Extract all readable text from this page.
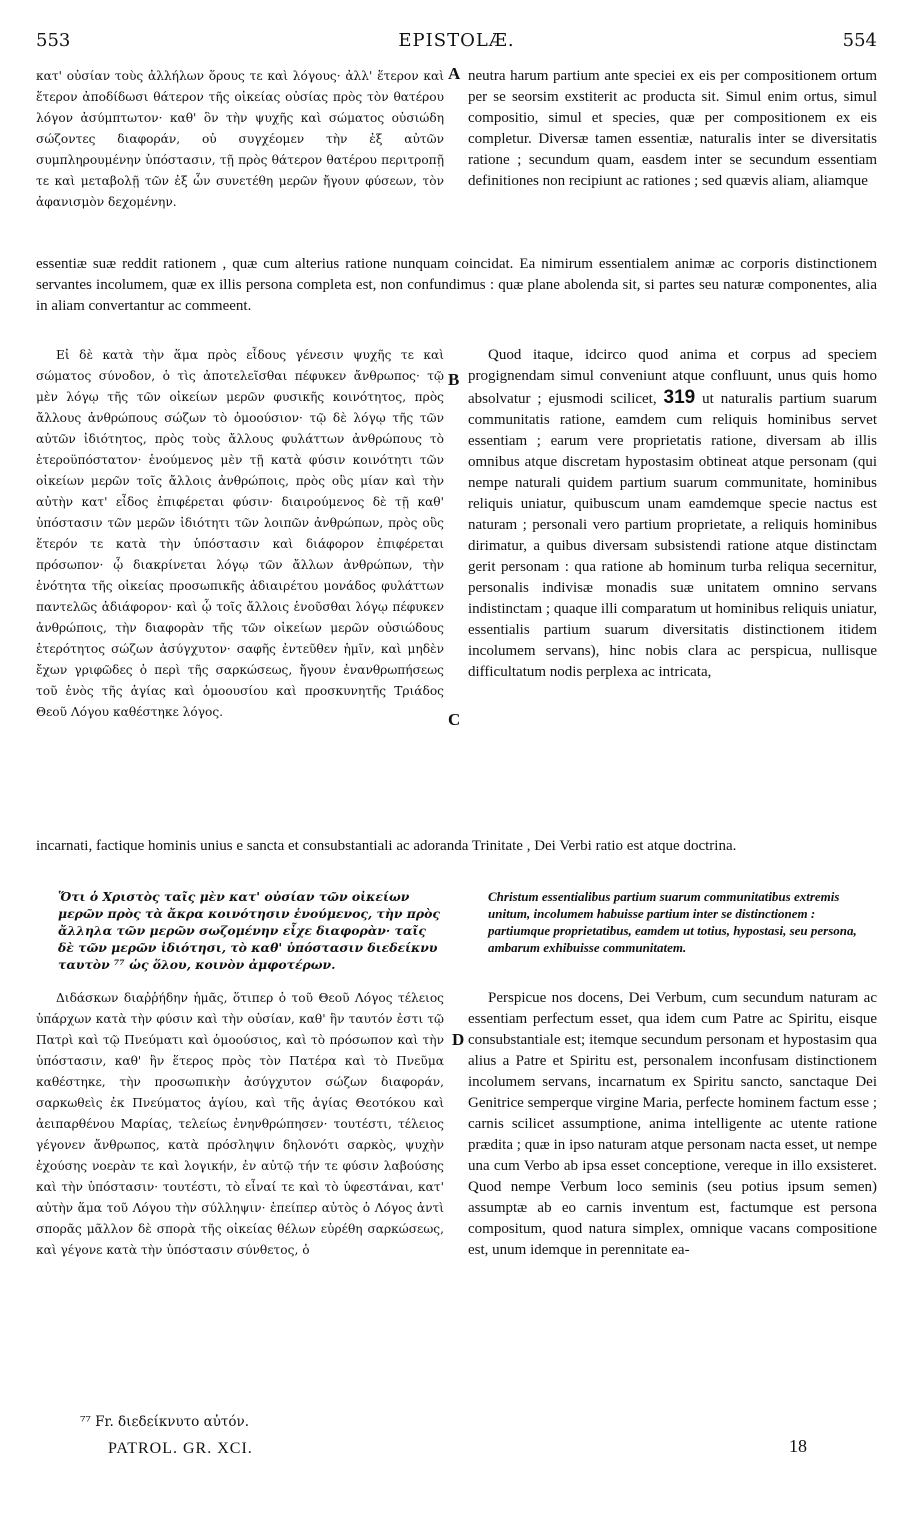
553	EPISTOLÆ.	554
κατ' οὐσίαν τοὺς ἀλλήλων ὅρους τε καὶ λόγους· ἀλλ' ἕτερον καὶ ἕτερον ἀποδίδωσι θάτερον τῆς οἰκείας οὐσίας πρὸς τὸν θατέρου λόγον ἀσύμπτωτον· καθ' ὃν τὴν ψυχῆς καὶ σώματος οὐσιώδη σώζοντες διαφοράν, οὐ συγχέομεν τὴν ἐξ αὐτῶν συμπληρουμένην ὑπόστασιν, τῇ πρὸς θάτερον θατέρου περιτροπῇ τε καὶ μεταβολῇ τῶν ἐξ ὧν συνετέθη μερῶν ἤγουν φύσεων, τὸν ἀφανισμὸν δεχομένην.
A neutra harum partium ante speciei ex eis per compositionem ortum per se seorsim exstiterit ac producta sit. Simul enim ortus, simul compositio, simul et species, quæ per compositionem ex eis completur. Diversæ tamen essentiæ, naturalis inter se diversitatis ratione ; secundum quam, easdem inter se secundum essentiam definitiones non recipiunt ac rationes ; sed quævis aliam, aliamque
essentiæ suæ reddit rationem , quæ cum alterius ratione nunquam coincidat. Ea nimirum essentialem animæ ac corporis distinctionem servantes incolumem, quæ ex illis persona completa est, non confundimus : quæ plane abolenda sit, si partes seu naturæ componentes, alia in aliam convertantur ac commeent.
Εἰ δὲ κατὰ τὴν ἅμα πρὸς εἶδους γένεσιν ψυχῆς τε καὶ σώματος σύνοδον, ὁ τὶς ἀποτελεῖσθαι πέφυκεν ἄνθρωπος· τῷ μὲν λόγῳ τῆς τῶν οἰκείων μερῶν φυσικῆς κοινότητος, πρὸς ἄλλους ἀνθρώπους σώζων τὸ ὁμοούσιον· τῷ δὲ λόγῳ τῆς τῶν αὐτῶν ἰδιότητος, πρὸς τοὺς ἄλλους φυλάττων ἀνθρώπους τὸ ἑτεροϋπόστατον· ἑνούμενος μὲν τῇ κατὰ φύσιν κοινότητι τῶν οἰκείων μερῶν τοῖς ἄλλοις ἀνθρώποις, πρὸς οὓς μίαν καὶ τὴν αὐτὴν κατ' εἶδος ἐπιφέρεται φύσιν· διαιρούμενος δὲ τῇ καθ' ὑπόστασιν τῶν μερῶν ἰδιότητι τῶν λοιπῶν ἀνθρώπων, πρὸς οὓς ἕτερόν τε κατὰ τὴν ὑπόστασιν καὶ διάφορον ἐπιφέρεται πρόσωπον· ᾧ διακρίνεται λόγῳ τῶν ἄλλων ἀνθρώπων, τὴν ἑνότητα τῆς οἰκείας προσωπικῆς ἀδιαιρέτου μονάδος φυλάττων παντελῶς ἀδιάφορον· καὶ ᾧ τοῖς ἄλλοις ἑνοῦσθαι λόγῳ πέφυκεν ἀνθρώποις, τὴν διαφορὰν τῆς τῶν οἰκείων μερῶν οὐσιώδους ἑτερότητος σώζων ἀσύγχυτον· σαφῆς ἐντεῦθεν ἡμῖν, καὶ μηδὲν ἔχων γριφῶδες ὁ περὶ τῆς σαρκώσεως, ἤγουν ἐνανθρωπήσεως τοῦ ἑνὸς τῆς ἁγίας καὶ ὁμοουσίου καὶ προσκυνητῆς Τριάδος Θεοῦ Λόγου καθέστηκε λόγος.
B
C
Quod itaque, idcirco quod anima et corpus ad speciem progignendam simul conveniunt atque confluunt, unus quis homo absolvatur ; ejusmodi scilicet, 319 ut naturalis partium suarum communitatis ratione, eamdem cum reliquis hominibus servet essentiam ; earum vere proprietatis ratione, diversam ab illis omnibus atque discretam hypostasim obtineat atque personam (qui nempe naturali quidem partium suarum communitate, hominibus reliquis uniatur, quibuscum unam eamdemque specie nactus est naturam ; personali vero partium proprietate, a reliquis hominibus dirimatur, a quibus diversam subsistendi ratione atque distinctam gerit personam : qua ratione ab hominum turba reliqua secernitur, personalis indivisæ monadis suæ unitatem omnino servans indistinctam ; quaque illi comparatum ut hominibus reliquis uniatur, essentialis partium suarum diversitatis distinctionem itidem incolumem servans), hinc nobis clara ac perspicua, nullisque difficultatum nodis perplexa ac intricata,
incarnati, factique hominis unius e sancta et consubstantiali ac adoranda Trinitate , Dei Verbi ratio est atque doctrina.
Ὅτι ὁ Χριστὸς ταῖς μὲν κατ' οὐσίαν τῶν οἰκείων μερῶν πρὸς τὰ ἄκρα κοινότησιν ἑνούμενος, τὴν πρὸς ἄλληλα τῶν μερῶν σωζομένην εἶχε διαφορὰν· ταῖς δὲ τῶν μερῶν ἰδιότησι, τὸ καθ' ὑπόστασιν διεδείκνυ ταυτὸν ⁷⁷ ὡς ὅλου, κοινὸν ἀμφοτέρων.
Christum essentialibus partium suarum communitatibus extremis unitum, incolumem habuisse partium inter se distinctionem : partiumque proprietatibus, eamdem ut totius, hypostasi, seu persona, ambarum exhibuisse communitatem.
Διδάσκων διαῤῥήδην ἡμᾶς, ὅτιπερ ὁ τοῦ Θεοῦ Λόγος τέλειος ὑπάρχων κατὰ τὴν φύσιν καὶ τὴν οὐσίαν, καθ' ἣν ταυτόν ἐστι τῷ Πατρὶ καὶ τῷ Πνεύματι καὶ ὁμοούσιος, καὶ τὸ πρόσωπον καὶ τὴν ὑπόστασιν, καθ' ἣν ἕτερος πρὸς τὸν Πατέρα καὶ τὸ Πνεῦμα καθέστηκε, τὴν προσωπικὴν ἀσύγχυτον σώζων διαφοράν, σαρκωθεὶς ἐκ Πνεύματος ἁγίου, καὶ τῆς ἁγίας Θεοτόκου καὶ ἀειπαρθένου Μαρίας, τελείως ἐνηνθρώπησεν· τουτέστι, τέλειος γέγονεν ἄνθρωπος, κατὰ πρόσληψιν δηλονότι σαρκὸς, ψυχὴν ἐχούσης νοερὰν τε καὶ λογικήν, ἐν αὐτῷ τήν τε φύσιν λαβούσης καὶ τὴν ὑπόστασιν· τουτέστι, τὸ εἶναί τε καὶ τὸ ὑφεστάναι, κατ' αὐτὴν ἅμα τοῦ Λόγου τὴν σύλληψιν· ἐπείπερ αὐτὸς ὁ Λόγος ἀντὶ σπορᾶς μᾶλλον δὲ σπορὰ τῆς οἰκείας θέλων εὑρέθη σαρκώσεως, καὶ γέγονε κατὰ τὴν ὑπόστασιν σύνθετος, ὁ
D
Perspicue nos docens, Dei Verbum, cum secundum naturam ac essentiam perfectum esset, qua idem cum Patre ac Spiritu, eisque consubstantiale est; itemque secundum personam et hypostasim qua alius a Patre et Spiritu est, personalem inconfusam distinctionem incolumem servans, incarnatum ex Spiritu sancto, sanctaque Dei Genitrice semperque virgine Maria, perfecte hominem factum esse ; carnis scilicet assumptione, anima intelligente ac utente ratione prædita ; quæ in ipso naturam atque personam nacta esset, ut nempe una cum Verbo ab ipsa esset conceptione, vereque in illo exsisteret. Quod nempe Verbum loco seminis (seu potius ipsum semen) assumptæ ab eo carnis inventum est, factumque est persona compositum, quod natura simplex, omnique vacans compositione est, unum idemque in perennitate ea-
⁷⁷ Fr. διεδείκνυτο αὐτόν.
PATROL. GR. XCI.	18
